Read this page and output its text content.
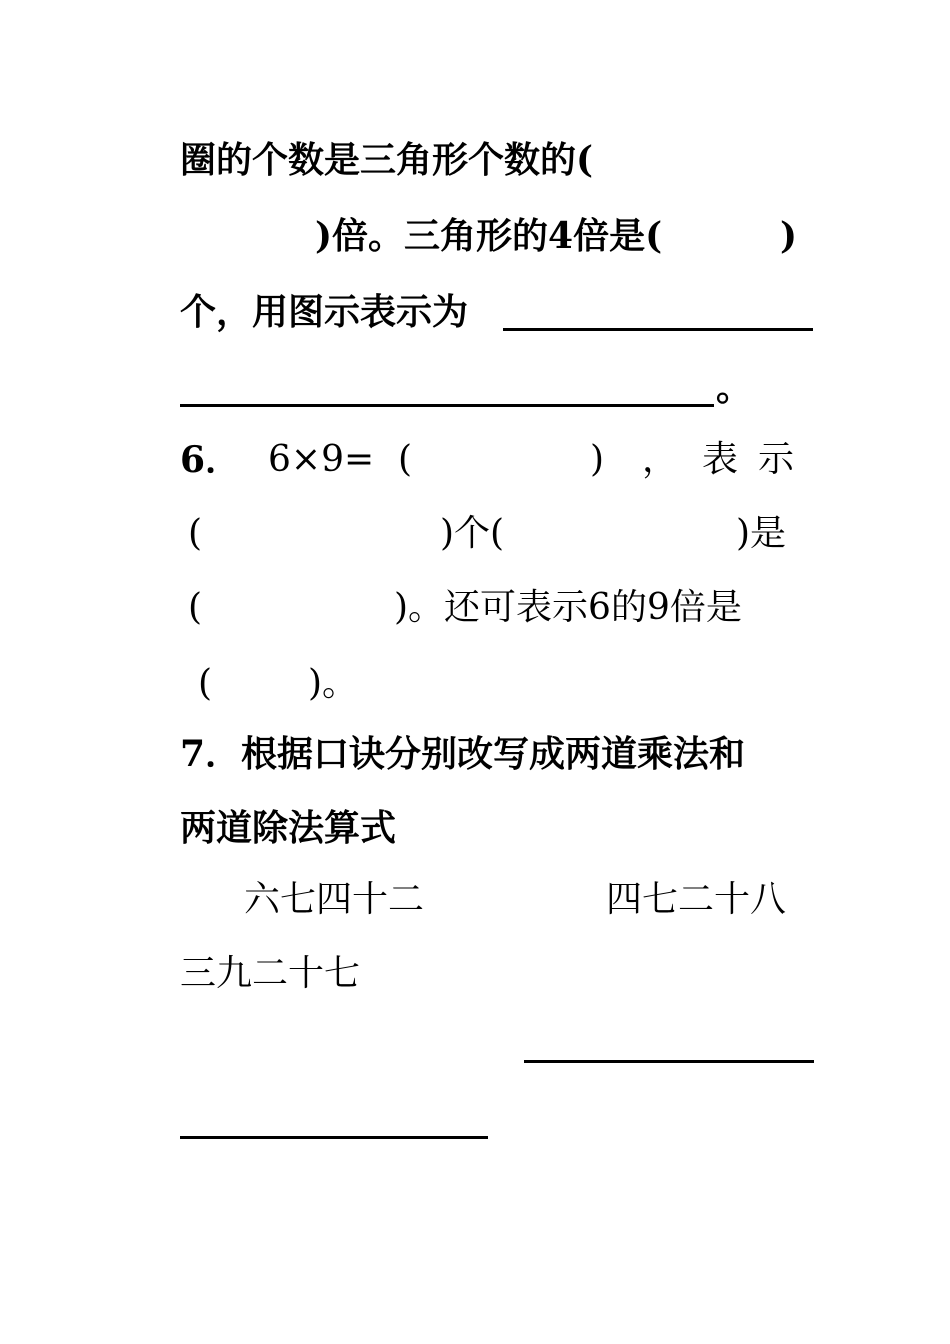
圈的个数是三角形个数的(
)倍。三角形的4倍是(	)
个，用图示表示为
。
6． 6×9= (	) ， 表 示
(	)个(	)是
(	)。还可表示6的9倍是
(	)。
7．根据口诀分别改写成两道乘法和
两道除法算式
六七四十二	四七二十八
三九二十七
